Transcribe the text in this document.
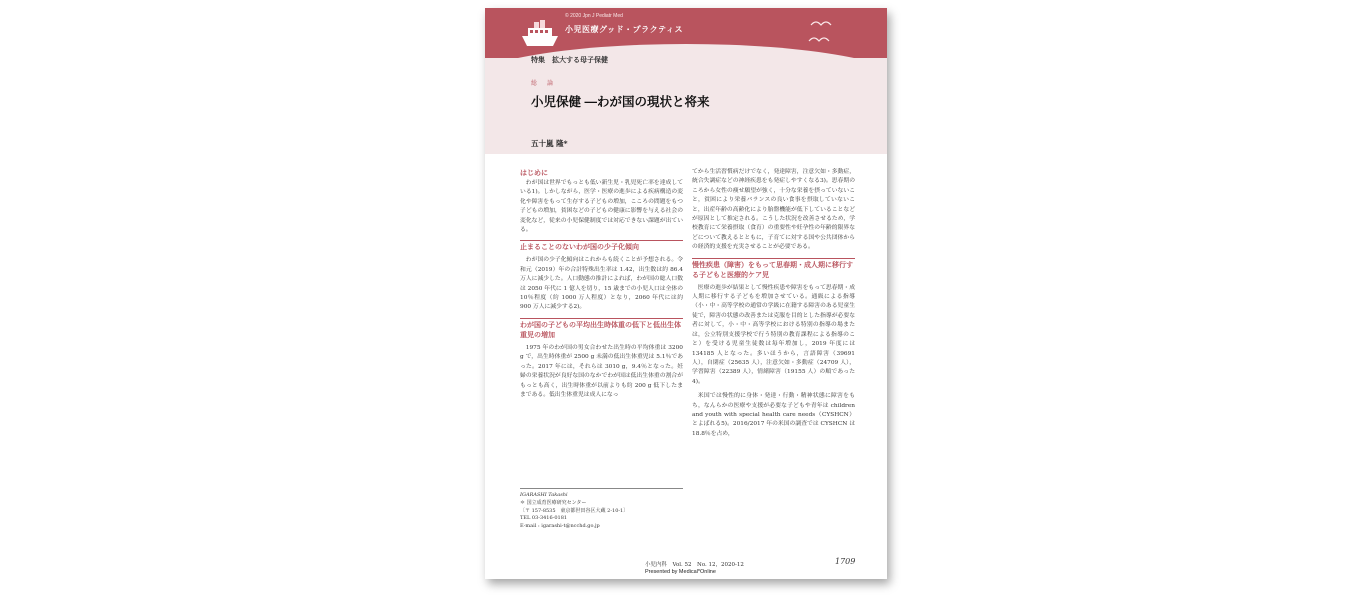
© 2020 Jpn J Pediatr Med
小児医療グッド・プラクティス
特集　拡大する母子保健
総　論
小児保健 ―わが国の現状と将来
五十嵐 隆*
はじめに

わが国は世界でもっとも低い新生児・乳児死亡率を達成している1)。しかしながら，医学・医療の進歩による疾病構造の変化や障害をもって生存する子どもの増加，こころの問題をもつ子どもの増加，貧困などの子どもの健康に影響を与える社会の変化など，従来の小児保健制度では対応できない課題が出ている。

止まることのないわが国の少子化傾向

わが国の少子化傾向はこれからも続くことが予想される。令和元（2019）年の合計特殊出生率は 1.42，出生数は約 86.4 万人に減少した。人口動態の推計によれば，わが国の総人口数は 2050 年代に 1 億人を切り，15 歳までの小児人口は全体の 10％程度（約 1000 万人程度）となり，2060 年代には約 900 万人に減少する2)。

わが国の子どもの平均出生時体重の低下と低出生体重児の増加

1975 年のわが国の男女合わせた出生時の平均体重は 3200 g で，出生時体重が 2500 g 未満の低出生体重児は 5.1％であった。2017 年には，それらは 3010 g，9.4％となった。妊婦の栄養状況が良好な国のなかでわが国は低出生体重の割合がもっとも高く，出生時体重が以前よりも約 200 g 低下したままである。低出生体重児は成人になっ

てから生活習慣病だけでなく，発達障害，注意欠如・多動症，統合失調症などの神経疾患をも発症しやすくなる3)。思春期のころから女性の痩せ願望が強く，十分な栄養を摂っていないこと，貧困により栄養バランスの良い食事を摂取していないこと，出産年齢の高齢化により胎盤機能が低下していることなどが原因として推定される。こうした状況を改善させるため，学校教育にて栄養摂取（食育）の重要性や妊孕性の年齢的限界などについて教えるとともに，子育てに対する国や公共団体からの経済的支援を充実させることが必要である。

慢性疾患（障害）をもって思春期・成人期に移行する子どもと医療的ケア児

医療の進歩が結果として慢性疾患や障害をもって思春期・成人期に移行する子どもを増加させている。通級による指導（小・中・高等学校の通常の学級に在籍する障害のある児童生徒で，障害の状態の改善または克服を目的とした指導が必要な者に対して，小・中・高等学校における特別の指導の場または，公立特別支援学校で行う特別の教育課程による指導のこと）を受ける児童生徒数は毎年増加し，2019 年度には 134185 人となった。多いほうから，言語障害（39691 人），自閉症（25635 人），注意欠如・多動症（24709 人），学習障害（22389 人），情緒障害（19155 人）の順であった4)。

米国では慢性的に身体・発達・行動・精神状態に障害をもち，なんらかの医療や支援が必要な子どもや青年は children and youth with special health care needs（CYSHCN）とよばれる5)。2016/2017 年の米国の調査では CYSHCN は 18.8％を占め，

IGARASHI Takashi
＊ 国立成育医療研究センター
〔〒 157-8535　東京都世田谷区大蔵 2-10-1〕
TEL 03-3416-0181
E-mail : igarashi-t@ncchd.go.jp
小児内科　Vol. 52　No. 12，2020-12	1709
Presented by Medical*Online
